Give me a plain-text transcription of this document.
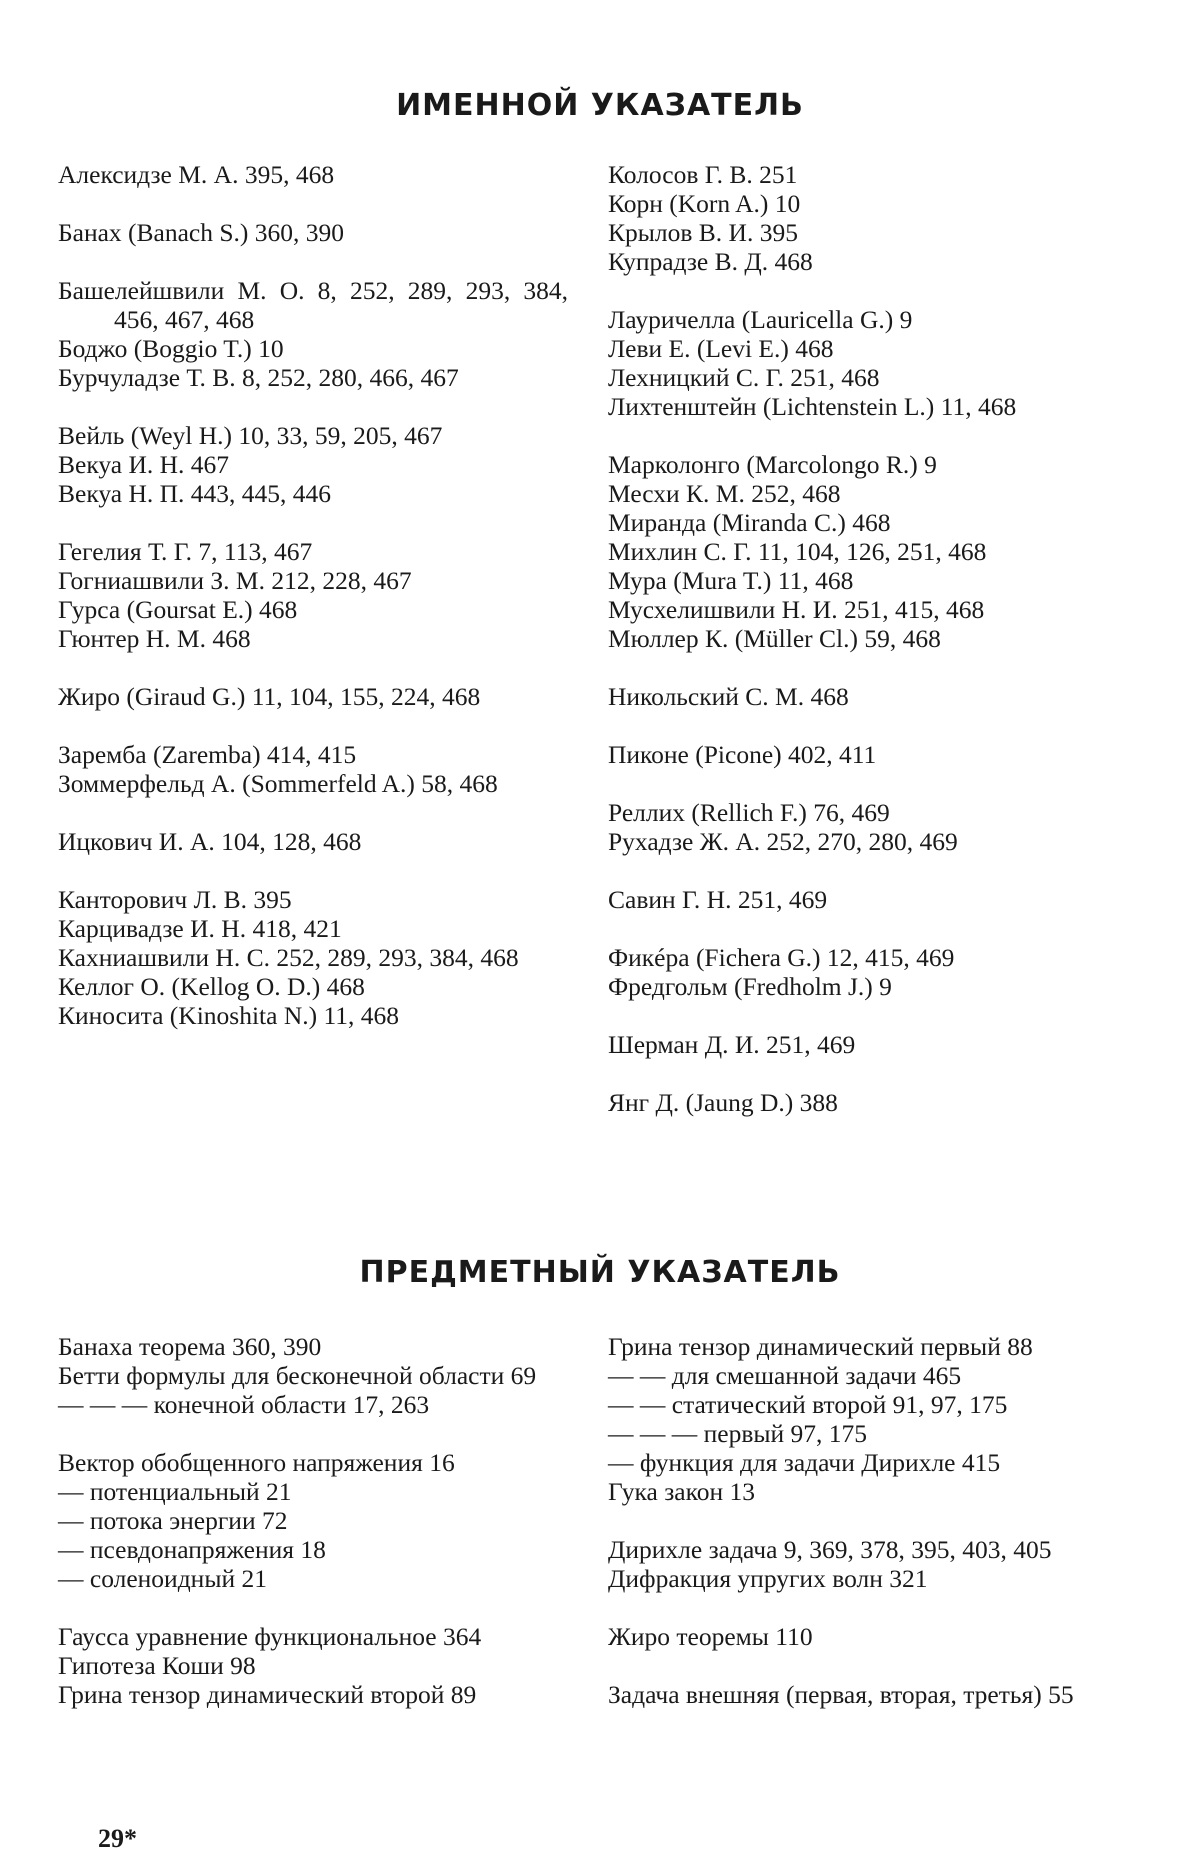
ИМЕННОЙ УКАЗАТЕЛЬ
Алексидзе М. А. 395, 468
Банах (Banach S.) 360, 390
Башелейшвили М. О. 8, 252, 289, 293, 384, 456, 467, 468
Боджо (Boggio T.) 10
Бурчуладзе Т. В. 8, 252, 280, 466, 467
Вейль (Weyl H.) 10, 33, 59, 205, 467
Векуа И. Н. 467
Векуа Н. П. 443, 445, 446
Гегелия Т. Г. 7, 113, 467
Гогниашвили З. М. 212, 228, 467
Гурса (Goursat E.) 468
Гюнтер Н. М. 468
Жиро (Giraud G.) 11, 104, 155, 224, 468
Заремба (Zaremba) 414, 415
Зоммерфельд А. (Sommerfeld A.) 58, 468
Ицкович И. А. 104, 128, 468
Канторович Л. В. 395
Карцивадзе И. Н. 418, 421
Кахниашвили Н. С. 252, 289, 293, 384, 468
Келлог О. (Kellog O. D.) 468
Киносита (Kinoshita N.) 11, 468
Колосов Г. В. 251
Корн (Korn A.) 10
Крылов В. И. 395
Купрадзе В. Д. 468
Лауричелла (Lauricella G.) 9
Леви Е. (Levi E.) 468
Лехницкий С. Г. 251, 468
Лихтенштейн (Lichtenstein L.) 11, 468
Марколонго (Marcolongo R.) 9
Месхи К. М. 252, 468
Миранда (Miranda C.) 468
Михлин С. Г. 11, 104, 126, 251, 468
Мура (Mura T.) 11, 468
Мусхелишвили Н. И. 251, 415, 468
Мюллер К. (Müller Cl.) 59, 468
Никольский С. М. 468
Пиконе (Picone) 402, 411
Реллих (Rellich F.) 76, 469
Рухадзе Ж. А. 252, 270, 280, 469
Савин Г. Н. 251, 469
Фикéра (Fichera G.) 12, 415, 469
Фредгольм (Fredholm J.) 9
Шерман Д. И. 251, 469
Янг Д. (Jaung D.) 388
ПРЕДМЕТНЫЙ УКАЗАТЕЛЬ
Банаха теорема 360, 390
Бетти формулы для бесконечной области 69
— — — конечной области 17, 263
Вектор обобщенного напряжения 16
— потенциальный 21
— потока энергии 72
— псевдонапряжения 18
— соленоидный 21
Гаусса уравнение функциональное 364
Гипотеза Коши 98
Грина тензор динамический второй 89
Грина тензор динамический первый 88
— — для смешанной задачи 465
— — статический второй 91, 97, 175
— — — первый 97, 175
— функция для задачи Дирихле 415
Гука закон 13
Дирихле задача 9, 369, 378, 395, 403, 405
Дифракция упругих волн 321
Жиро теоремы 110
Задача внешняя (первая, вторая, третья) 55
29*
